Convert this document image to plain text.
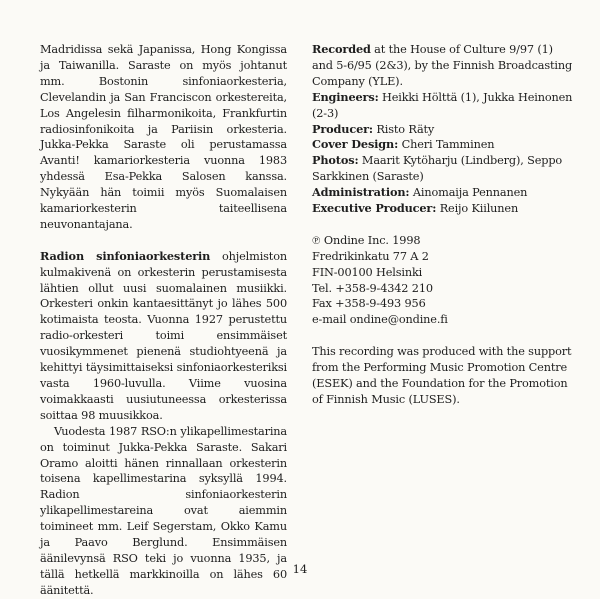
Madridissa sekä Japanissa, Hong Kongissa ja Taiwanilla. Saraste on myös johtanut mm. Bostonin sinfoniaorkesteria, Clevelandin ja San Franciscon orkestereita, Los Angelesin filharmonikoita, Frankfurtin radiosinfonikoita ja Pariisin orkesteria. Jukka-Pekka Saraste oli perustamassa Avanti! kamariorkesteria vuonna 1983 yhdessä Esa-Pekka Salosen kanssa. Nykyään hän toimii myös Suomalaisen kamariorkesterin taiteellisena neuvonantajana.

Radion sinfoniaorkesterin ohjelmiston kulmakivenä on orkesterin perustamisesta lähtien ollut uusi suomalainen musiikki. Orkesteri onkin kantaesittänyt jo lähes 500 kotimaista teosta. Vuonna 1927 perustettu radio-orkesteri toimi ensimmäiset vuosikymmenet pienenä studiohtyeenä ja kehittyi täysimittaiseksi sinfoniaorkesteriksi vasta 1960-luvulla. Viime vuosina voimakkaasti uusiutuneessa orkesterissa soittaa 98 muusikkoa.

Vuodesta 1987 RSO:n ylikapellimestarina on toiminut Jukka-Pekka Saraste. Sakari Oramo aloitti hänen rinnallaan orkesterin toisena kapellimestarina syksyllä 1994. Radion sinfoniaorkesterin ylikapellimestareina ovat aiemmin toimineet mm. Leif Segerstam, Okko Kamu ja Paavo Berglund. Ensimmäisen äänilevynsä RSO teki jo vuonna 1935, ja tällä hetkellä markkinoilla on lähes 60 äänitettä.

Recorded at the House of Culture 9/97 (1) and 5-6/95 (2&3), by the Finnish Broadcasting Company (YLE).

Engineers: Heikki Hölttä (1), Jukka Heinonen (2-3)

Producer: Risto Räty

Cover Design: Cheri Tamminen

Photos: Maarit Kytöharju (Lindberg), Seppo Sarkkinen (Saraste)

Administration: Ainomaija Pennanen

Executive Producer: Reijo Kiilunen

℗ Ondine Inc. 1998

Fredrikinkatu 77 A 2

FIN-00100 Helsinki

Tel. +358-9-4342 210

Fax +358-9-493 956

e-mail ondine@ondine.fi

This recording was produced with the support from the Performing Music Promotion Centre (ESEK) and the Foundation for the Promotion of Finnish Music (LUSES).

14
